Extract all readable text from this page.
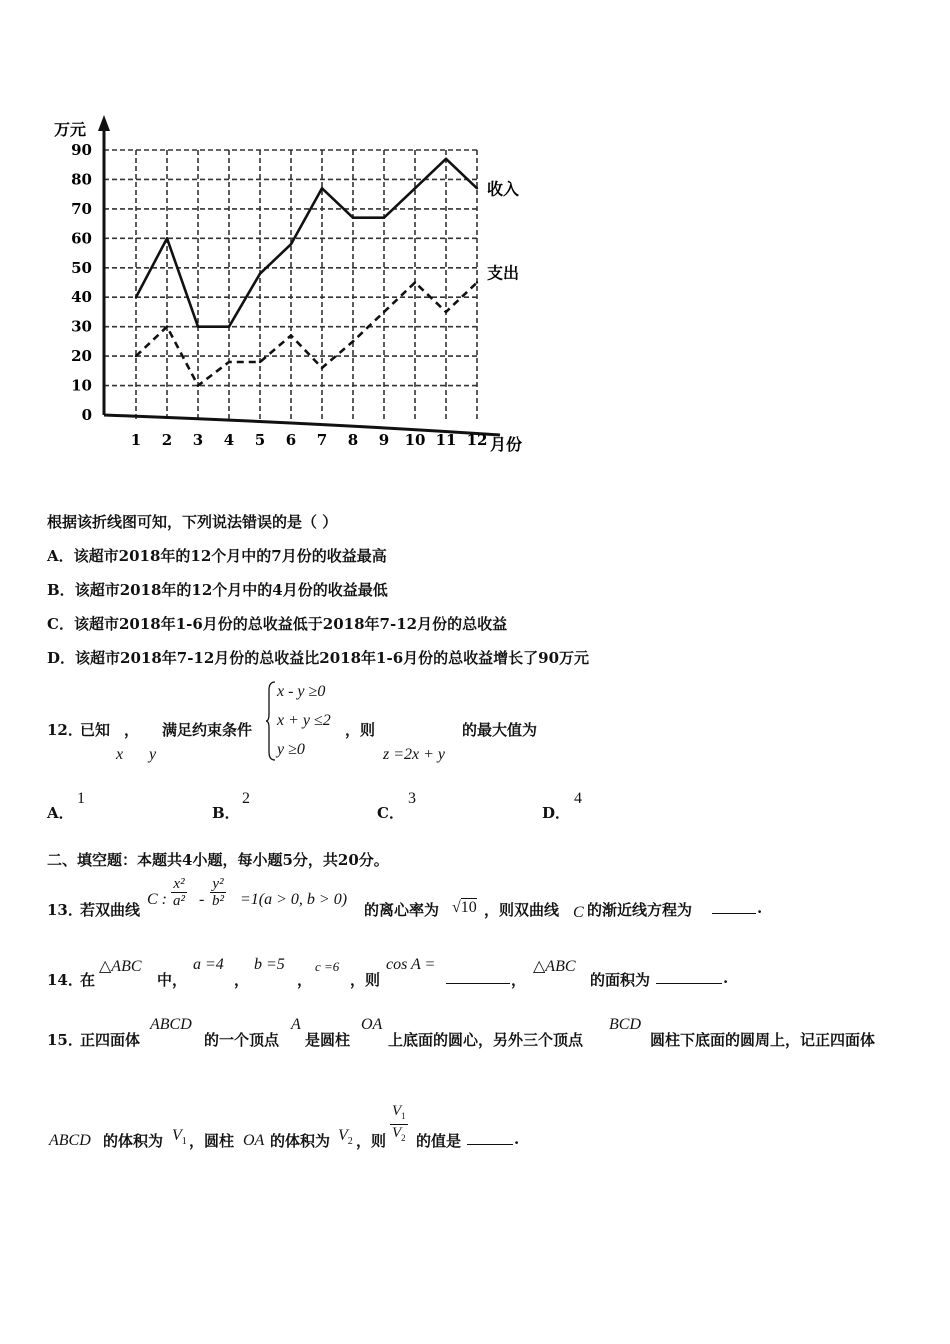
0
10
20
30
40
50
60
70
80
90
1 2 3 4 5 6 7 8 9 10 11 12
万元
月份
收入
支出
根据该折线图可知，下列说法错误的是（ ）
A．该超市2018年的12个月中的7月份的收益最高
B．该超市2018年的12个月中的4月份的收益最低
C．该超市2018年1-6月份的总收益低于2018年7-12月份的总收益
D．该超市2018年7-12月份的总收益比2018年1-6月份的总收益增长了90万元
12．
已知 ， 满足约束条件
x y
x - y ≥0
x + y ≤2
y ≥0
，则
z =2x + y
的最大值为
A．
1
B．
2
C．
3
D．
4
二、填空题：本题共4小题，每小题5分，共20分。
13．
若双曲线
C : $\frac{\text{x²}}{\text{a²}} - \frac{\text{y²}}{\text{b²}} =1(a > 0$, b > 0)
的离心率为 √10 ，则双曲线 C 的渐近线方程为	.
14．
在
△ABC
中，
a =4
，
b =5
，
c =6
，则
cos A =
，
△ABC
的面积为	.
15．
正四面体
ABCD
的一个顶点
A
是圆柱
OA
上底面的圆心，另外三个顶点
BCD
圆柱下底面的圆周上，记正四面体
ABCD 的体积为 $V_1$ ，圆柱 OA 的体积为 $V_2$ ，则 $\frac{V_1}{V_2}$ 的值是	.
